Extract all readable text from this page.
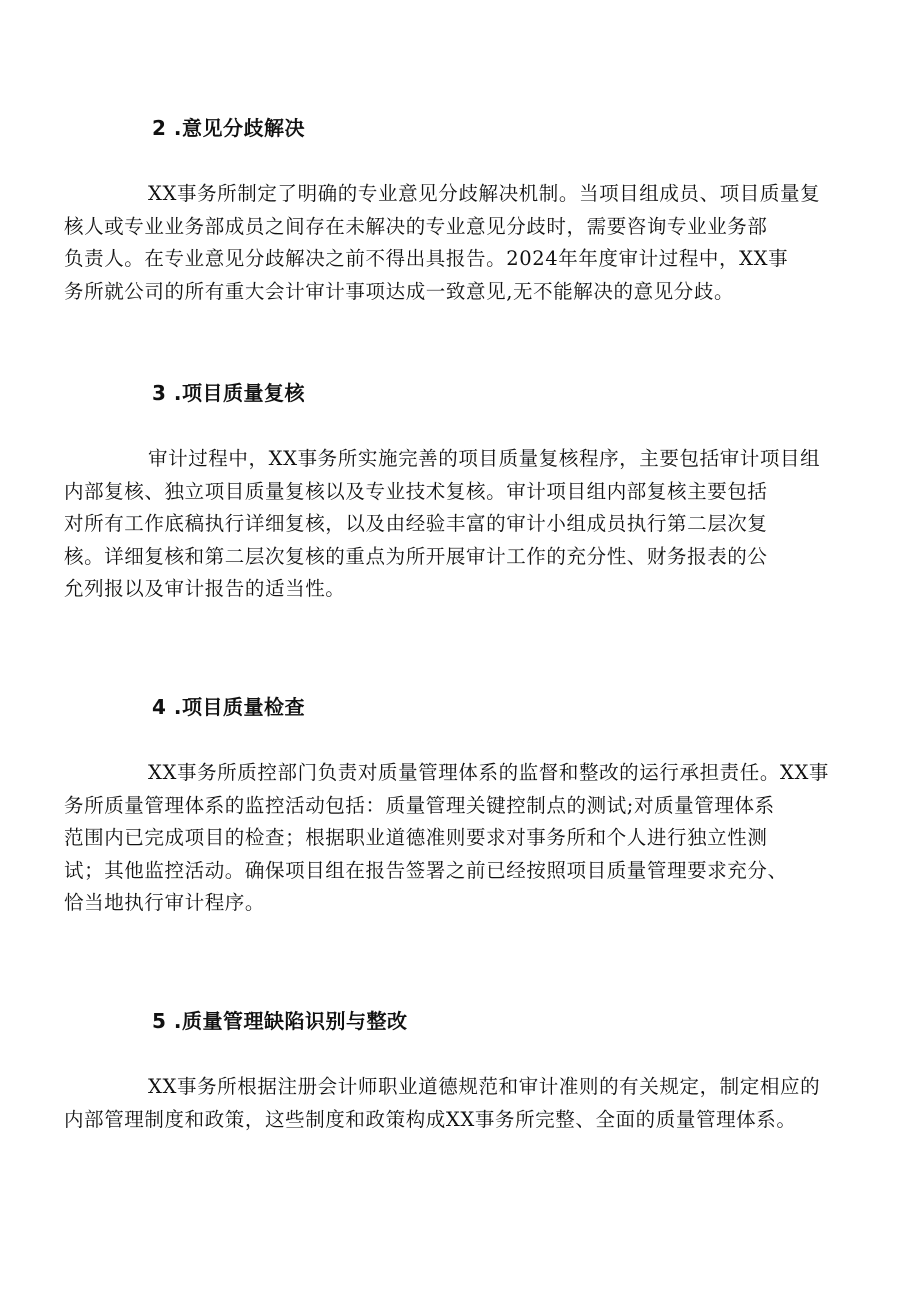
2 .意见分歧解决
XX事务所制定了明确的专业意见分歧解决机制。当项目组成员、项目质量复
核人或专业业务部成员之间存在未解决的专业意见分歧时，需要咨询专业业务部
负责人。在专业意见分歧解决之前不得出具报告。2024年年度审计过程中，XX事
务所就公司的所有重大会计审计事项达成一致意见,无不能解决的意见分歧。
3 .项目质量复核
审计过程中，XX事务所实施完善的项目质量复核程序，主要包括审计项目组
内部复核、独立项目质量复核以及专业技术复核。审计项目组内部复核主要包括
对所有工作底稿执行详细复核，以及由经验丰富的审计小组成员执行第二层次复
核。详细复核和第二层次复核的重点为所开展审计工作的充分性、财务报表的公
允列报以及审计报告的适当性。
4 .项目质量检查
XX事务所质控部门负责对质量管理体系的监督和整改的运行承担责任。XX事
务所质量管理体系的监控活动包括：质量管理关键控制点的测试;对质量管理体系
范围内已完成项目的检查；根据职业道德准则要求对事务所和个人进行独立性测
试；其他监控活动。确保项目组在报告签署之前已经按照项目质量管理要求充分、
恰当地执行审计程序。
5 .质量管理缺陷识别与整改
XX事务所根据注册会计师职业道德规范和审计准则的有关规定，制定相应的
内部管理制度和政策，这些制度和政策构成XX事务所完整、全面的质量管理体系。
